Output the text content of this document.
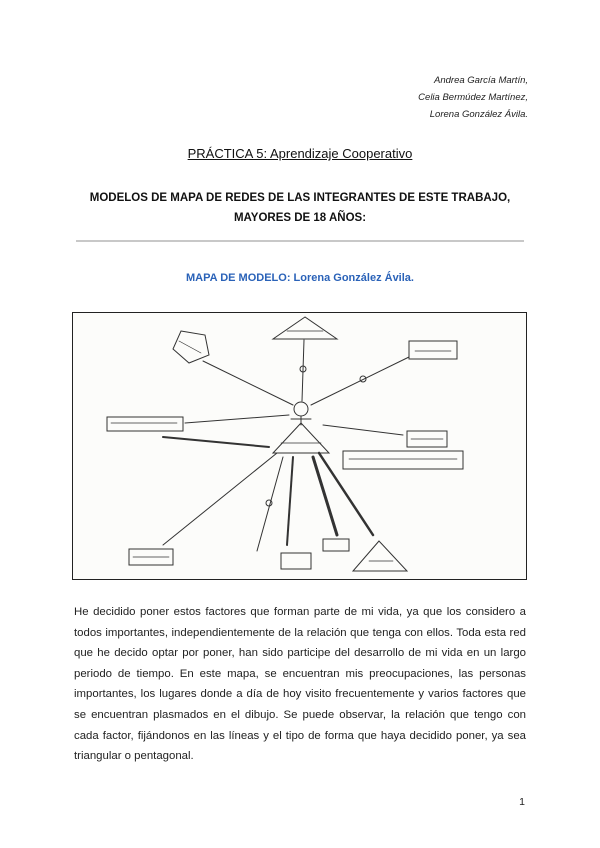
Andrea García Martín,
Celia Bermúdez Martínez,
Lorena González Ávila.
PRÁCTICA 5: Aprendizaje Cooperativo
MODELOS DE MAPA DE REDES DE LAS INTEGRANTES DE ESTE TRABAJO,
MAYORES DE 18 AÑOS:
MAPA DE MODELO: Lorena González Ávila.
He decidido poner estos factores que forman parte de mi vida, ya que los considero a todos importantes, independientemente de la relación que tenga con ellos. Toda esta red que he decido optar por poner, han sido participe del desarrollo de mi vida en un largo periodo de tiempo. En este mapa, se encuentran mis preocupaciones, las personas importantes, los lugares donde a día de hoy visito frecuentemente y varios factores que se encuentran plasmados en el dibujo. Se puede observar, la relación que tengo con cada factor, fijándonos en las líneas y el tipo de forma que haya decidido poner, ya sea triangular o pentagonal.
1
